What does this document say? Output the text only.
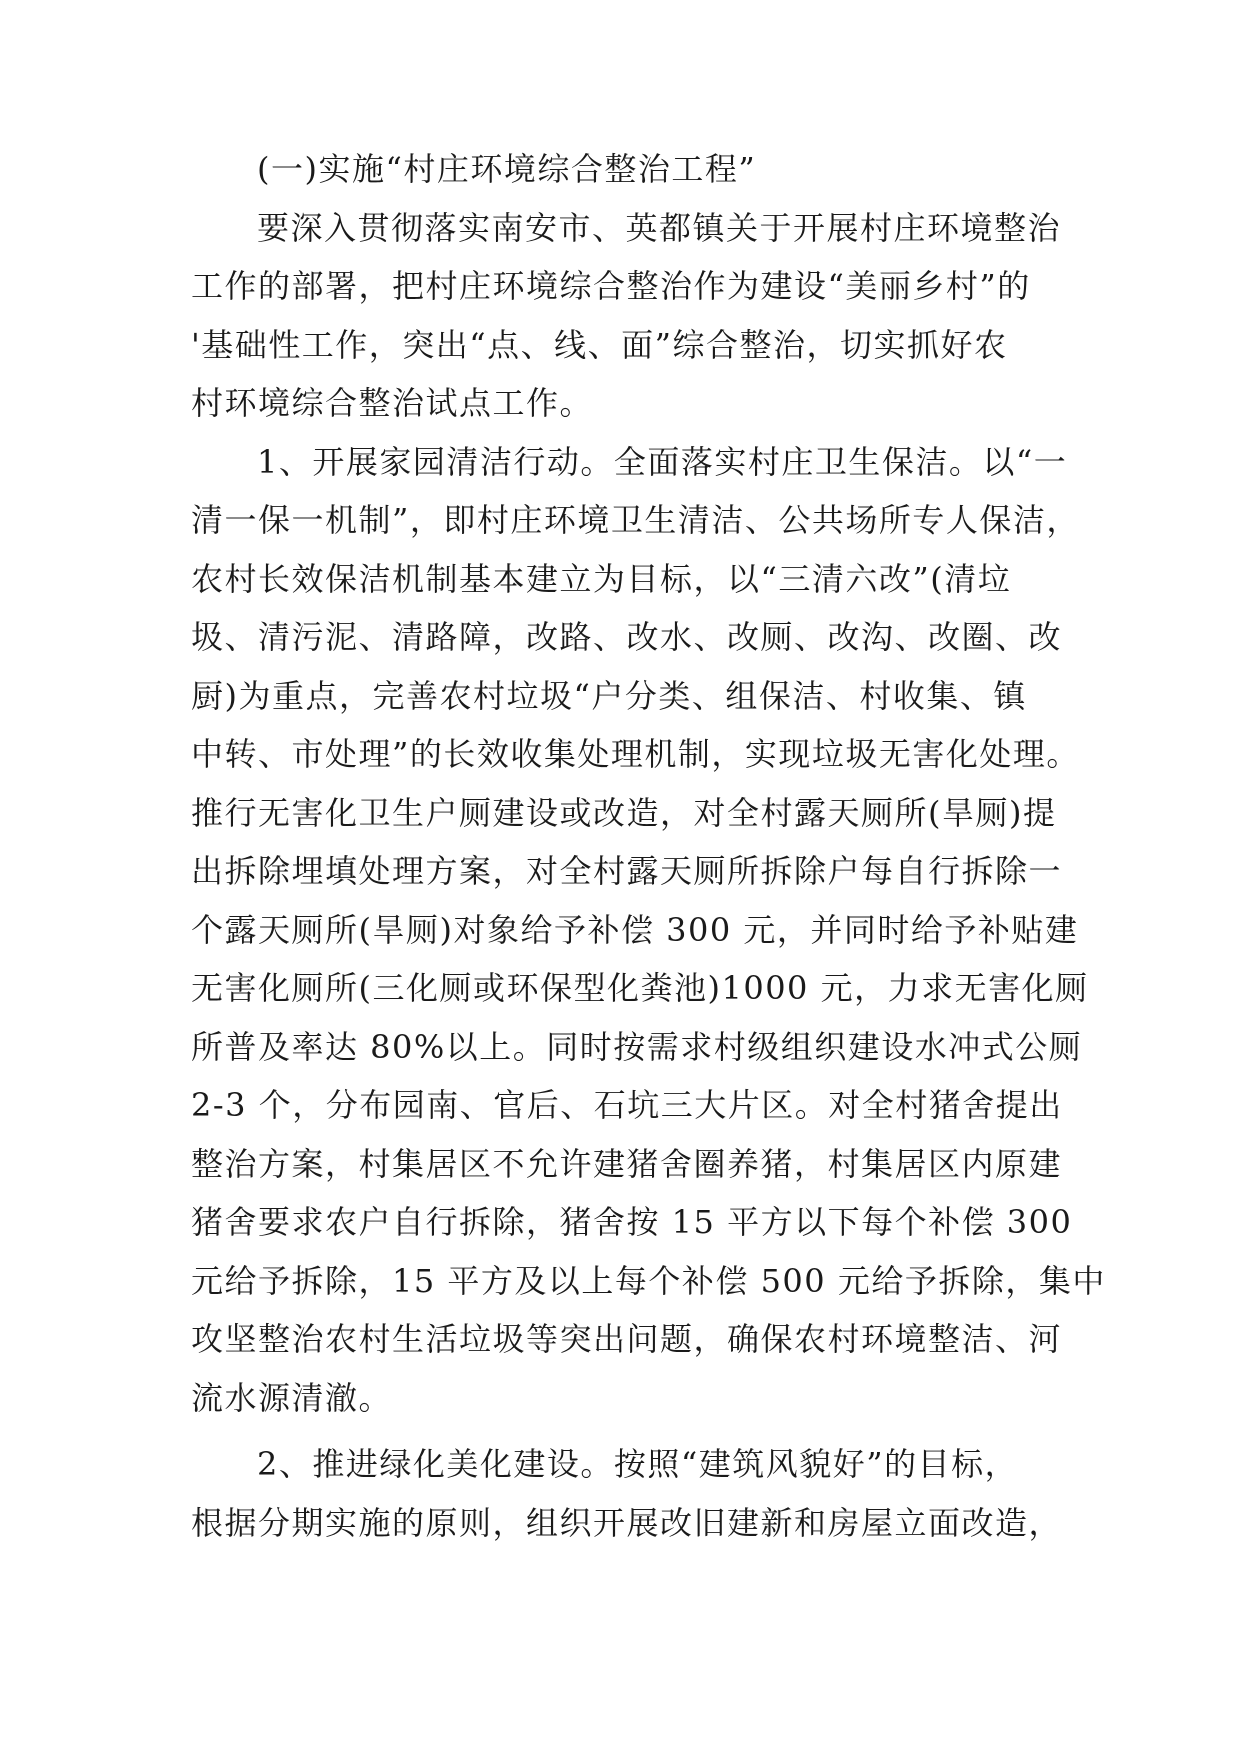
(一)实施“村庄环境综合整治工程”
要深入贯彻落实南安市、英都镇关于开展村庄环境整治
工作的部署，把村庄环境综合整治作为建设“美丽乡村”的
'基础性工作，突出“点、线、面”综合整治，切实抓好农
村环境综合整治试点工作。
1、开展家园清洁行动。全面落实村庄卫生保洁。以“一
清一保一机制”，即村庄环境卫生清洁、公共场所专人保洁，
农村长效保洁机制基本建立为目标，以“三清六改”(清垃
圾、清污泥、清路障，改路、改水、改厕、改沟、改圈、改
厨)为重点，完善农村垃圾“户分类、组保洁、村收集、镇
中转、市处理”的长效收集处理机制，实现垃圾无害化处理。
推行无害化卫生户厕建设或改造，对全村露天厕所(旱厕)提
出拆除埋填处理方案，对全村露天厕所拆除户每自行拆除一
个露天厕所(旱厕)对象给予补偿 300 元，并同时给予补贴建
无害化厕所(三化厕或环保型化粪池)1000 元，力求无害化厕
所普及率达 80%以上。同时按需求村级组织建设水冲式公厕
2-3 个，分布园南、官后、石坑三大片区。对全村猪舍提出
整治方案，村集居区不允许建猪舍圈养猪，村集居区内原建
猪舍要求农户自行拆除，猪舍按 15 平方以下每个补偿 300
元给予拆除，15 平方及以上每个补偿 500 元给予拆除，集中
攻坚整治农村生活垃圾等突出问题，确保农村环境整洁、河
流水源清澈。
2、推进绿化美化建设。按照“建筑风貌好”的目标，
根据分期实施的原则，组织开展改旧建新和房屋立面改造，
